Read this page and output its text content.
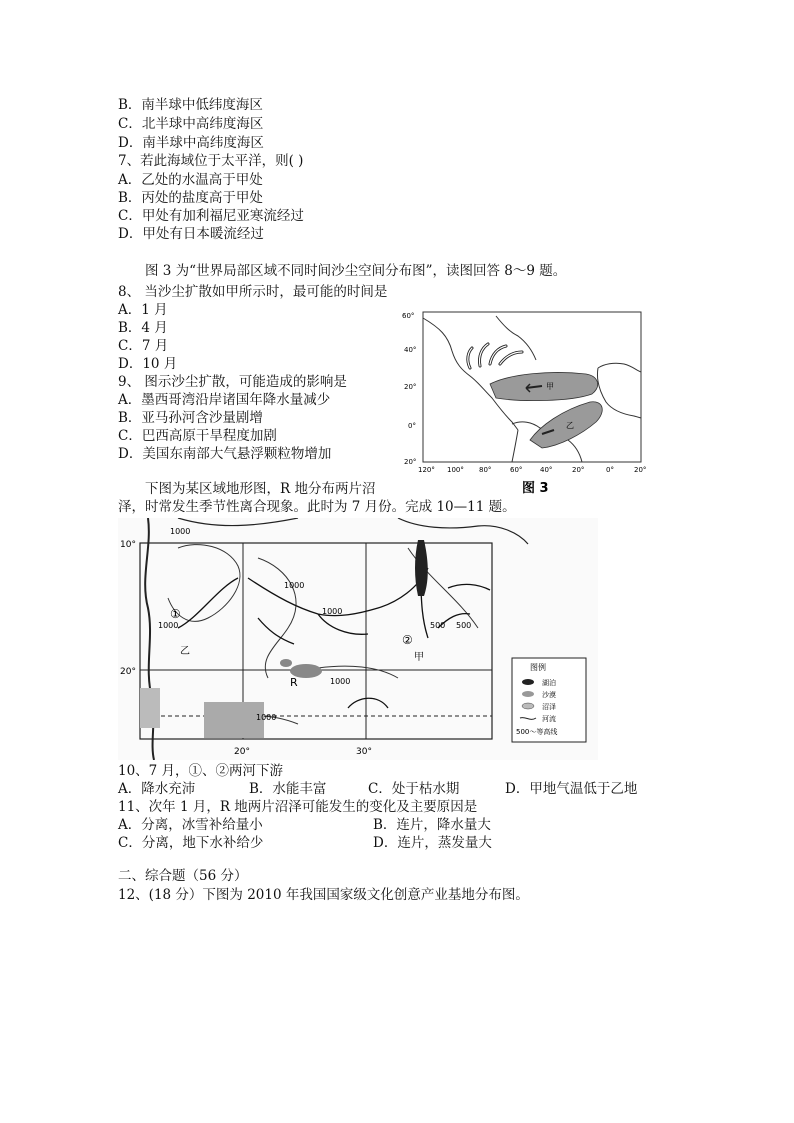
B．南半球中低纬度海区
C．北半球中高纬度海区
D．南半球中高纬度海区
7、若此海域位于太平洋，则( )
A．乙处的水温高于甲处
B．丙处的盐度高于甲处
C．甲处有加利福尼亚寒流经过
D．甲处有日本暖流经过
图 3 为“世界局部区域不同时间沙尘空间分布图”，读图回答 8～9 题。
8、 当沙尘扩散如甲所示时，最可能的时间是
A．1 月
B．4 月
C．7 月
D．10 月
9、 图示沙尘扩散，可能造成的影响是
A．墨西哥湾沿岸诸国年降水量减少
B．亚马孙河含沙量剧增
C．巴西高原干旱程度加剧
D．美国东南部大气悬浮颗粒物增加
甲
乙
60°
40°
20°
0°
20°
120° 100° 80°	60°	40°	20°	0°	20°
图 3
下图为某区域地形图，R 地分布两片沼
泽，时常发生季节性离合现象。此时为 7 月份。完成 10—11 题。
1000
1000
1000
1000
1000
500 500
1000
①
②
乙
甲
R
10°
20°
20°	30°
图例
湖泊
沙漠
沼泽
河流
500～等高线
10、7 月，①、②两河下游
A．降水充沛	B．水能丰富	C．处于枯水期	D．甲地气温低于乙地
11、次年 1 月，R 地两片沼泽可能发生的变化及主要原因是
A．分离，冰雪补给量小	B．连片，降水量大
C．分离，地下水补给少	D．连片，蒸发量大
二、综合题（56 分）
12、(18 分）下图为 2010 年我国国家级文化创意产业基地分布图。
